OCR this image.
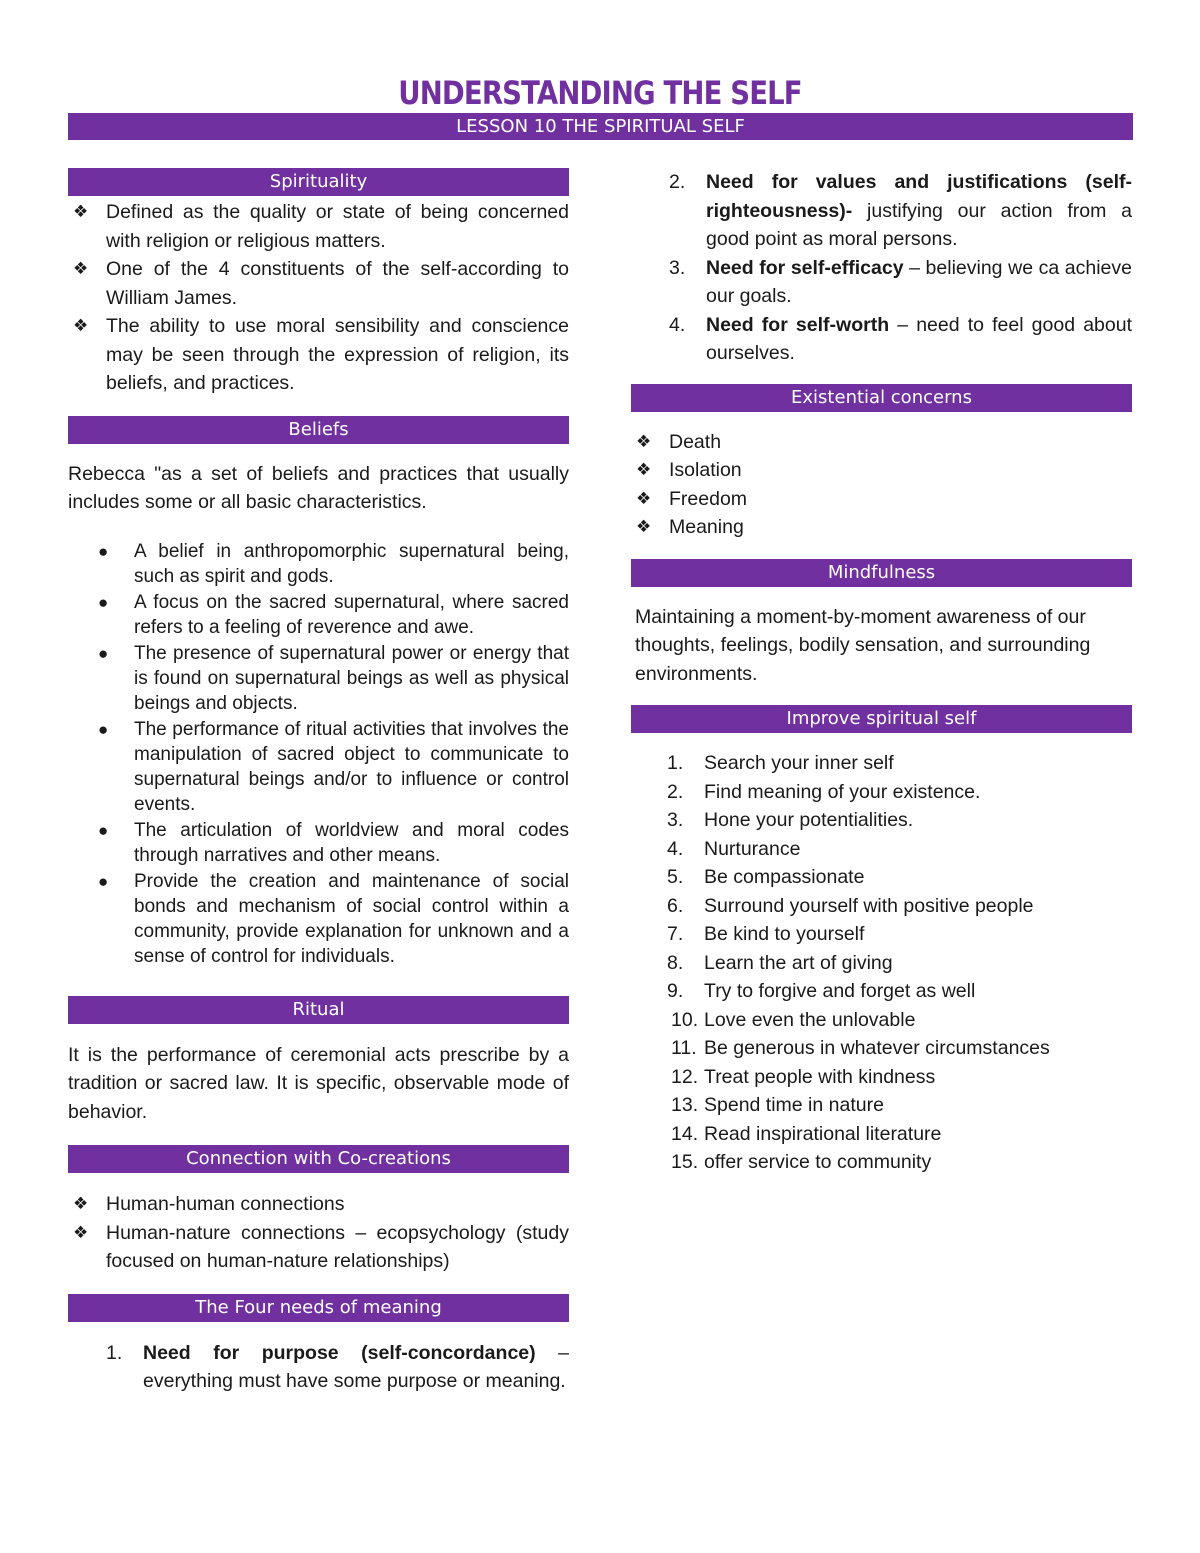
UNDERSTANDING THE SELF
LESSON 10 THE SPIRITUAL SELF
Spirituality
❖ Defined as the quality or state of being concerned with religion or religious matters.
❖ One of the 4 constituents of the self-according to William James.
❖ The ability to use moral sensibility and conscience may be seen through the expression of religion, its beliefs, and practices.
Beliefs

Rebecca "as a set of beliefs and practices that usually includes some or all basic characteristics.

● A belief in anthropomorphic supernatural being, such as spirit and gods.
● A focus on the sacred supernatural, where sacred refers to a feeling of reverence and awe.
● The presence of supernatural power or energy that is found on supernatural beings as well as physical beings and objects.
● The performance of ritual activities that involves the manipulation of sacred object to communicate to supernatural beings and/or to influence or control events.
● The articulation of worldview and moral codes through narratives and other means.
● Provide the creation and maintenance of social bonds and mechanism of social control within a community, provide explanation for unknown and a sense of control for individuals.
Ritual

It is the performance of ceremonial acts prescribe by a tradition or sacred law. It is specific, observable mode of behavior.

Connection with Co-creations
❖ Human-human connections
❖ Human-nature connections – ecopsychology (study focused on human-nature relationships)
The Four needs of meaning
1. Need for purpose (self-concordance) – everything must have some purpose or meaning.
2. Need for values and justifications (self-righteousness)- justifying our action from a good point as moral persons.
3. Need for self-efficacy – believing we ca achieve our goals.
4. Need for self-worth – need to feel good about ourselves.
Existential concerns
❖ Death
❖ Isolation
❖ Freedom
❖ Meaning
Mindfulness

Maintaining a moment-by-moment awareness of our thoughts, feelings, bodily sensation, and surrounding environments.

Improve spiritual self
1. Search your inner self
2. Find meaning of your existence.
3. Hone your potentialities.
4. Nurturance
5. Be compassionate
6. Surround yourself with positive people
7. Be kind to yourself
8. Learn the art of giving
9. Try to forgive and forget as well
10. Love even the unlovable
11. Be generous in whatever circumstances
12. Treat people with kindness
13. Spend time in nature
14. Read inspirational literature
15. offer service to community
